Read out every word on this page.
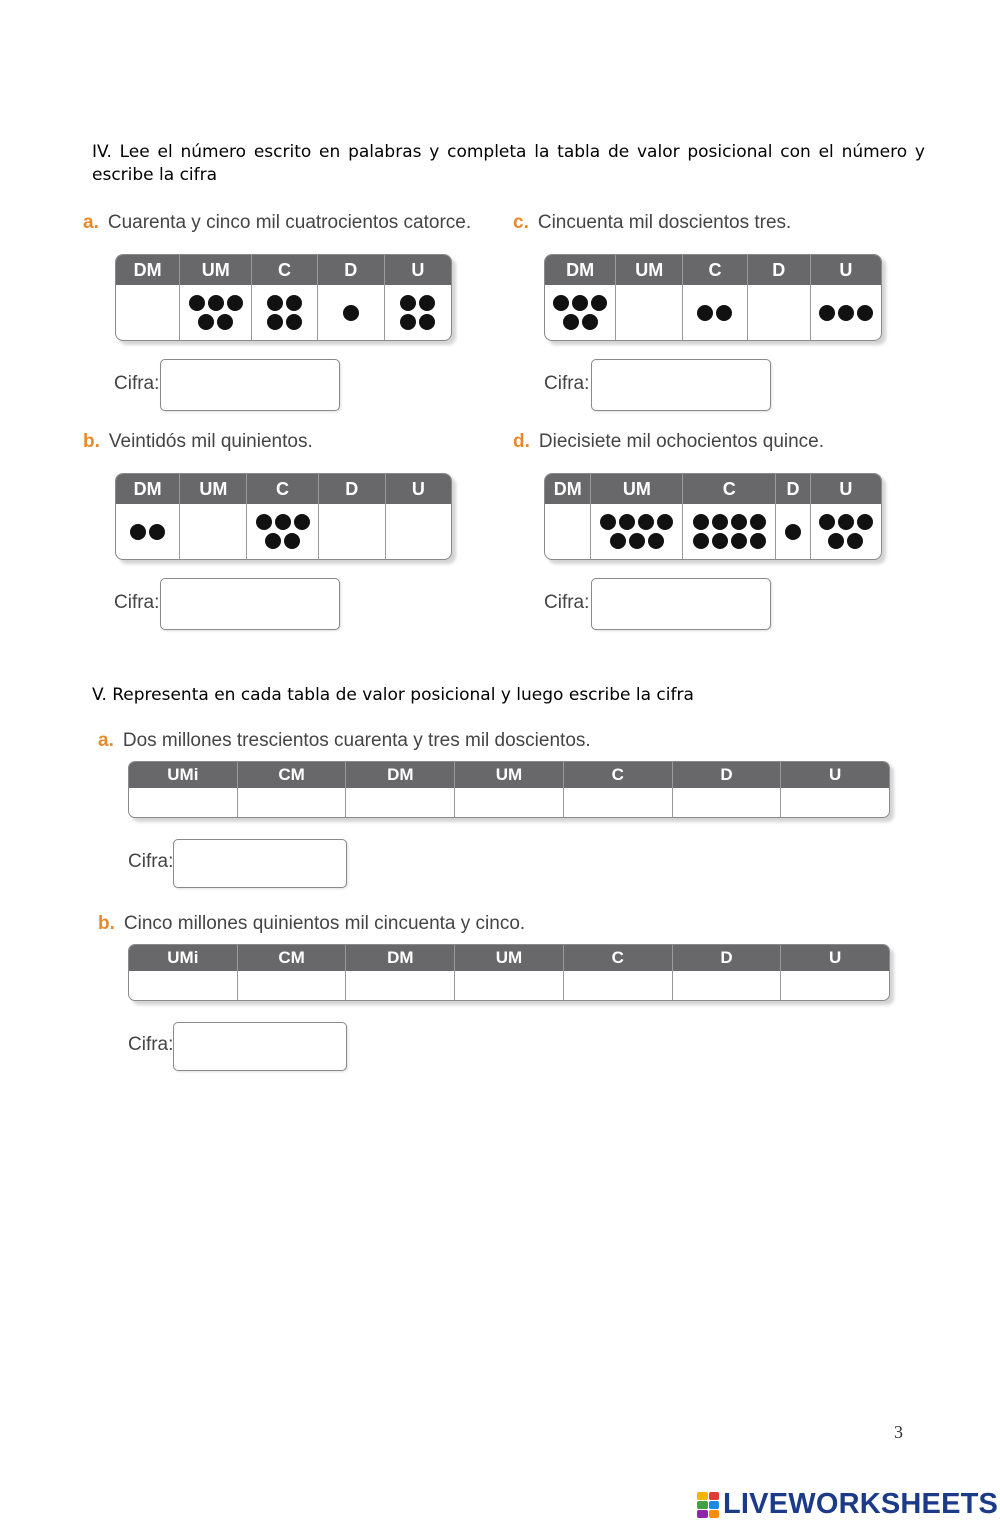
IV. Lee el número escrito en palabras y completa la tabla de valor posicional con el número y escribe la cifra
a. Cuarenta y cinco mil cuatrocientos catorce.
DM	UM	C	D	U
Cifra:
c. Cincuenta mil doscientos tres.
DM	UM	C	D	U
Cifra:
b. Veintidós mil quinientos.
DM	UM	C	D	U
Cifra:
d. Diecisiete mil ochocientos quince.
DM	UM	C	D	U
Cifra:
V. Representa en cada tabla de valor posicional y luego escribe la cifra
a. Dos millones trescientos cuarenta y tres mil doscientos.
UMi	CM	DM	UM	C	D	U
Cifra:
b. Cinco millones quinientos mil cincuenta y cinco.
UMi	CM	DM	UM	C	D	U
Cifra:
3
LIVEWORKSHEETS
